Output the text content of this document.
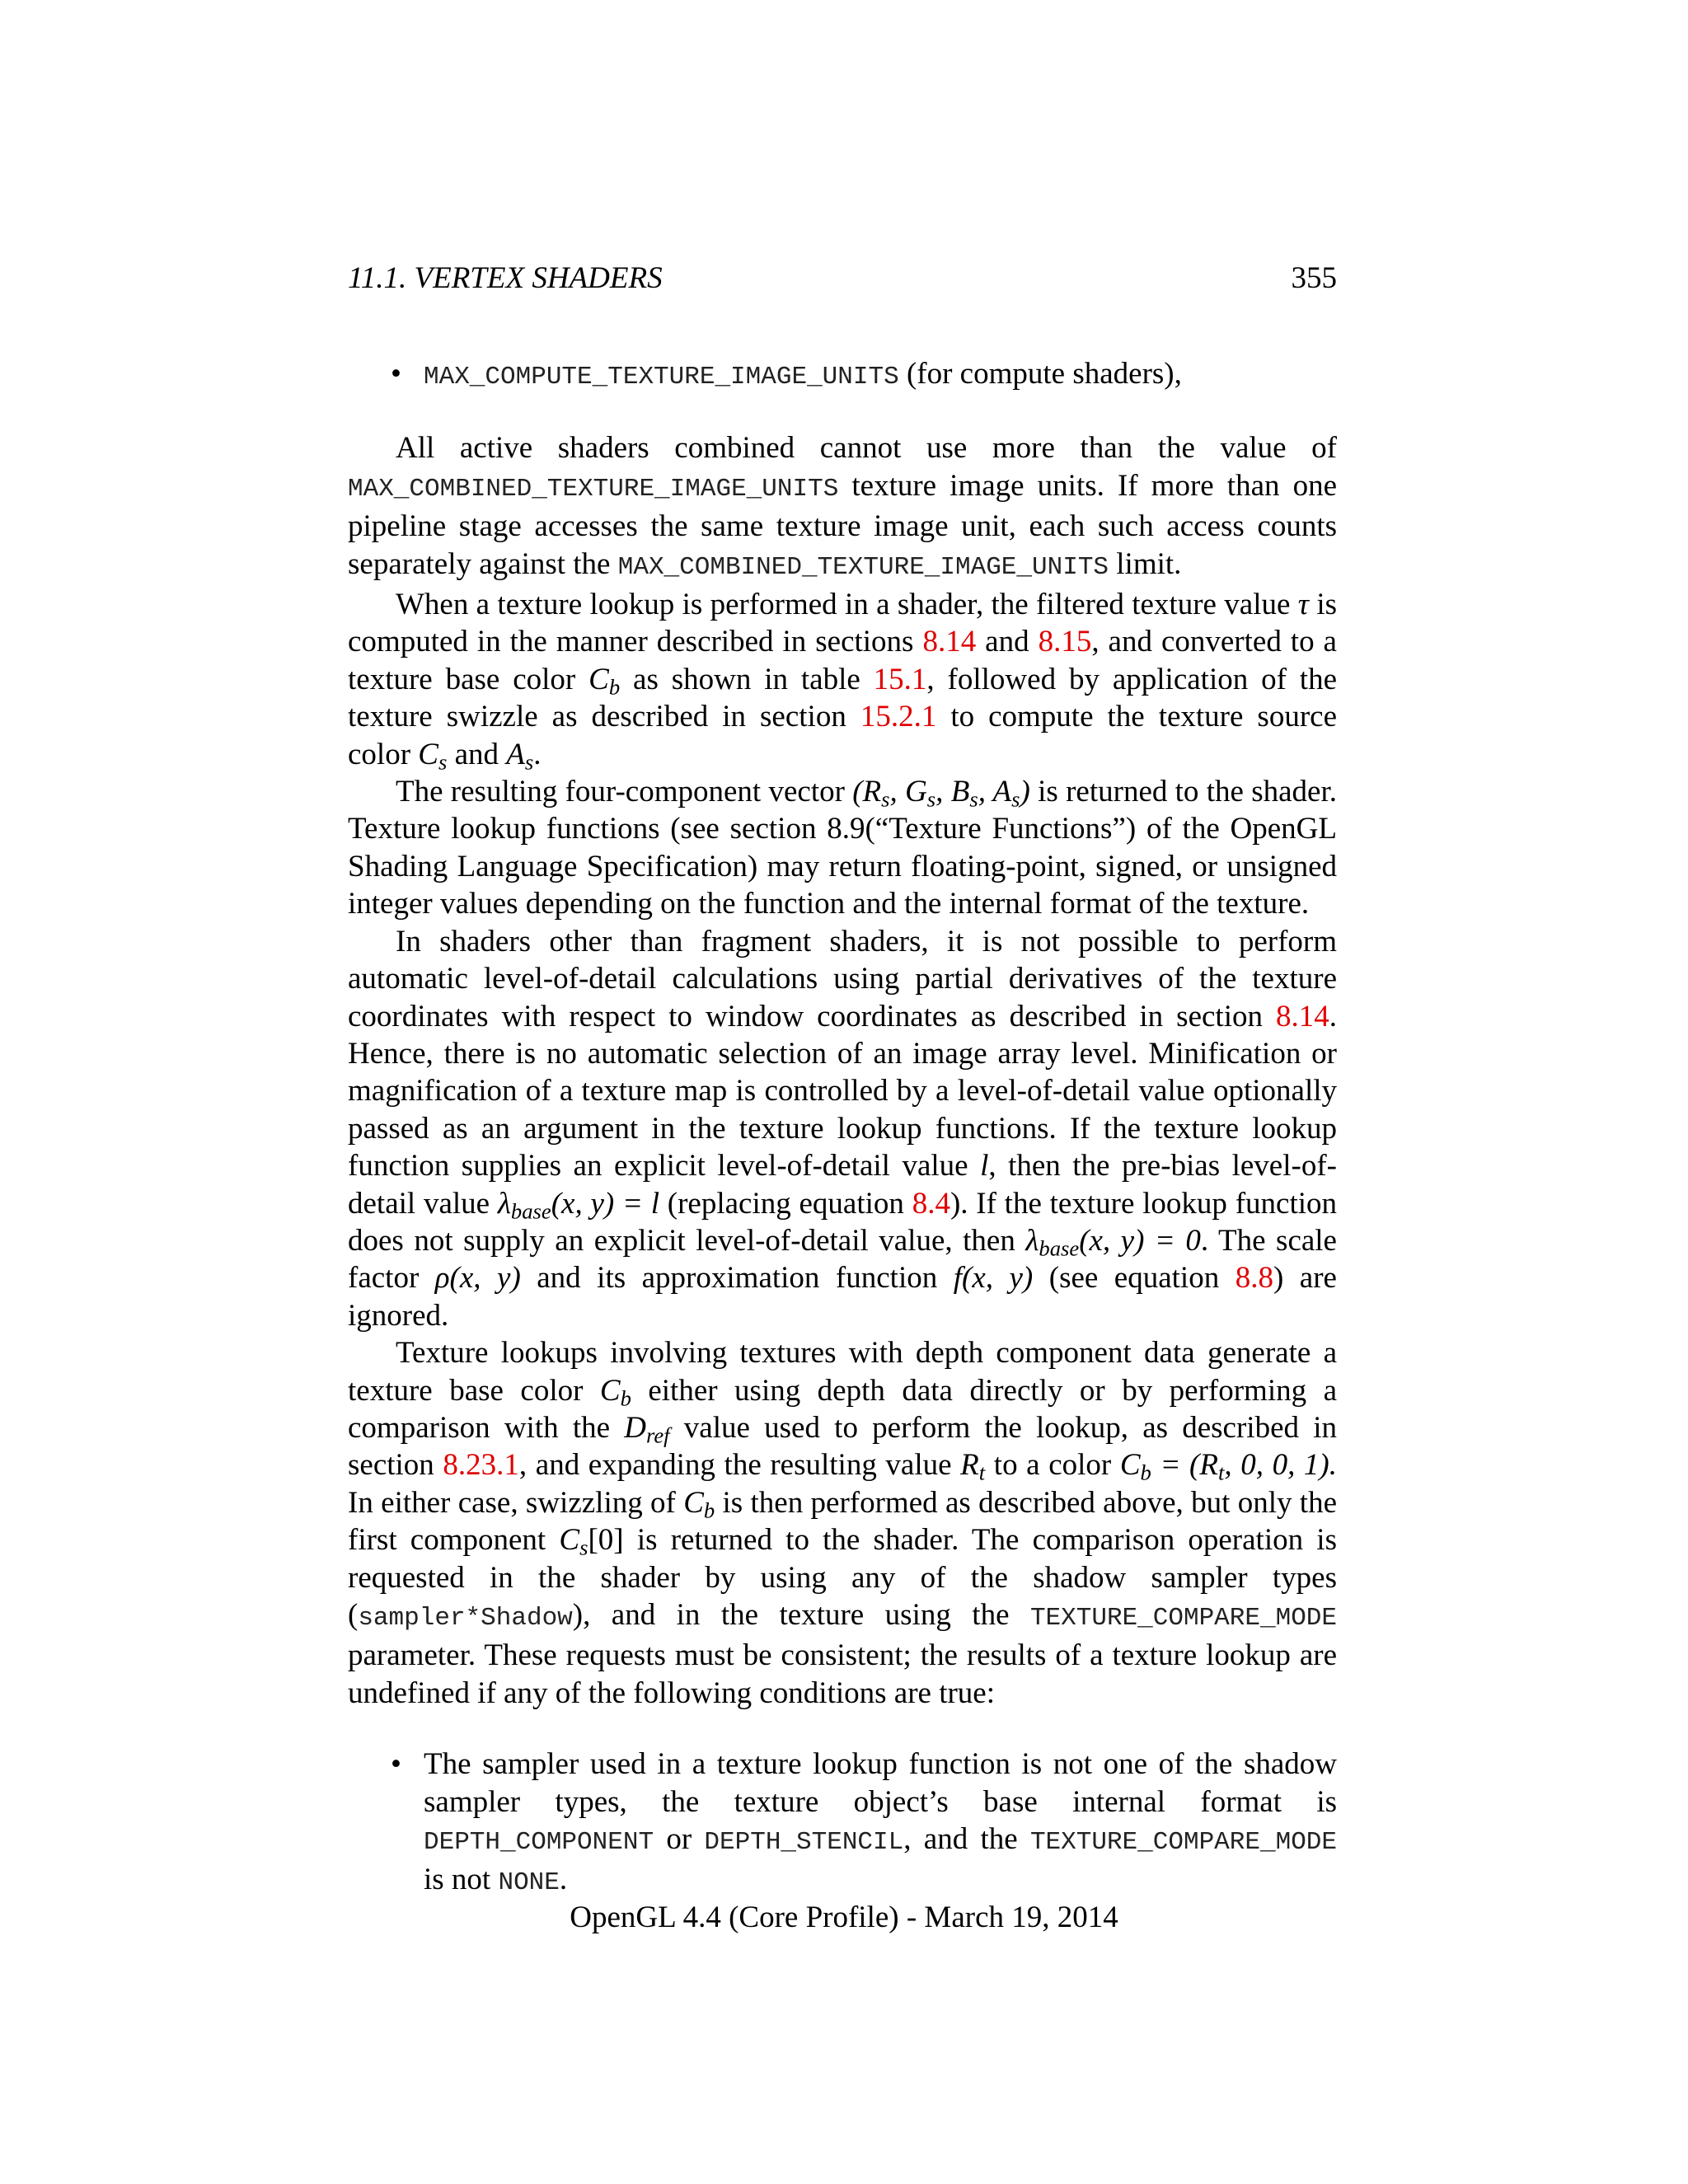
11.1. VERTEX SHADERS	355
• MAX_COMPUTE_TEXTURE_IMAGE_UNITS (for compute shaders),

All active shaders combined cannot use more than the value of MAX_COMBINED_TEXTURE_IMAGE_UNITS texture image units. If more than one pipeline stage accesses the same texture image unit, each such access counts separately against the MAX_COMBINED_TEXTURE_IMAGE_UNITS limit.

When a texture lookup is performed in a shader, the filtered texture value τ is computed in the manner described in sections 8.14 and 8.15, and converted to a texture base color $C_b$ as shown in table 15.1, followed by application of the texture swizzle as described in section 15.2.1 to compute the texture source color $C_s$ and $A_s$.

The resulting four-component vector ($R_s$, $G_s$, $B_s$, $A_s$) is returned to the shader. Texture lookup functions (see section 8.9(“Texture Functions”) of the OpenGL Shading Language Specification) may return floating-point, signed, or unsigned integer values depending on the function and the internal format of the texture.

In shaders other than fragment shaders, it is not possible to perform automatic level-of-detail calculations using partial derivatives of the texture coordinates with respect to window coordinates as described in section 8.14. Hence, there is no automatic selection of an image array level. Minification or magnification of a texture map is controlled by a level-of-detail value optionally passed as an argument in the texture lookup functions. If the texture lookup function supplies an explicit level-of-detail value l, then the pre-bias level-of-detail value $\lambda_{base}(x$, y) = l (replacing equation 8.4). If the texture lookup function does not supply an explicit level-of-detail value, then $\lambda_{base}(x$, y) = 0. The scale factor ρ(x, y) and its approximation function f(x, y) (see equation 8.8) are ignored.

Texture lookups involving textures with depth component data generate a texture base color $C_b$ either using depth data directly or by performing a comparison with the $D_{ref}$ value used to perform the lookup, as described in section 8.23.1, and expanding the resulting value $R_t$ to a color $C_b = (R_t$, 0, 0, 1). In either case, swizzling of $C_b$ is then performed as described above, but only the first component $C_s[0]$ is returned to the shader. The comparison operation is requested in the shader by using any of the shadow sampler types (sampler*Shadow), and in the texture using the TEXTURE_COMPARE_MODE parameter. These requests must be consistent; the results of a texture lookup are undefined if any of the following conditions are true:

• The sampler used in a texture lookup function is not one of the shadow sampler types, the texture object’s base internal format is DEPTH_COMPONENT or DEPTH_STENCIL, and the TEXTURE_COMPARE_MODE is not NONE.
OpenGL 4.4 (Core Profile) - March 19, 2014
